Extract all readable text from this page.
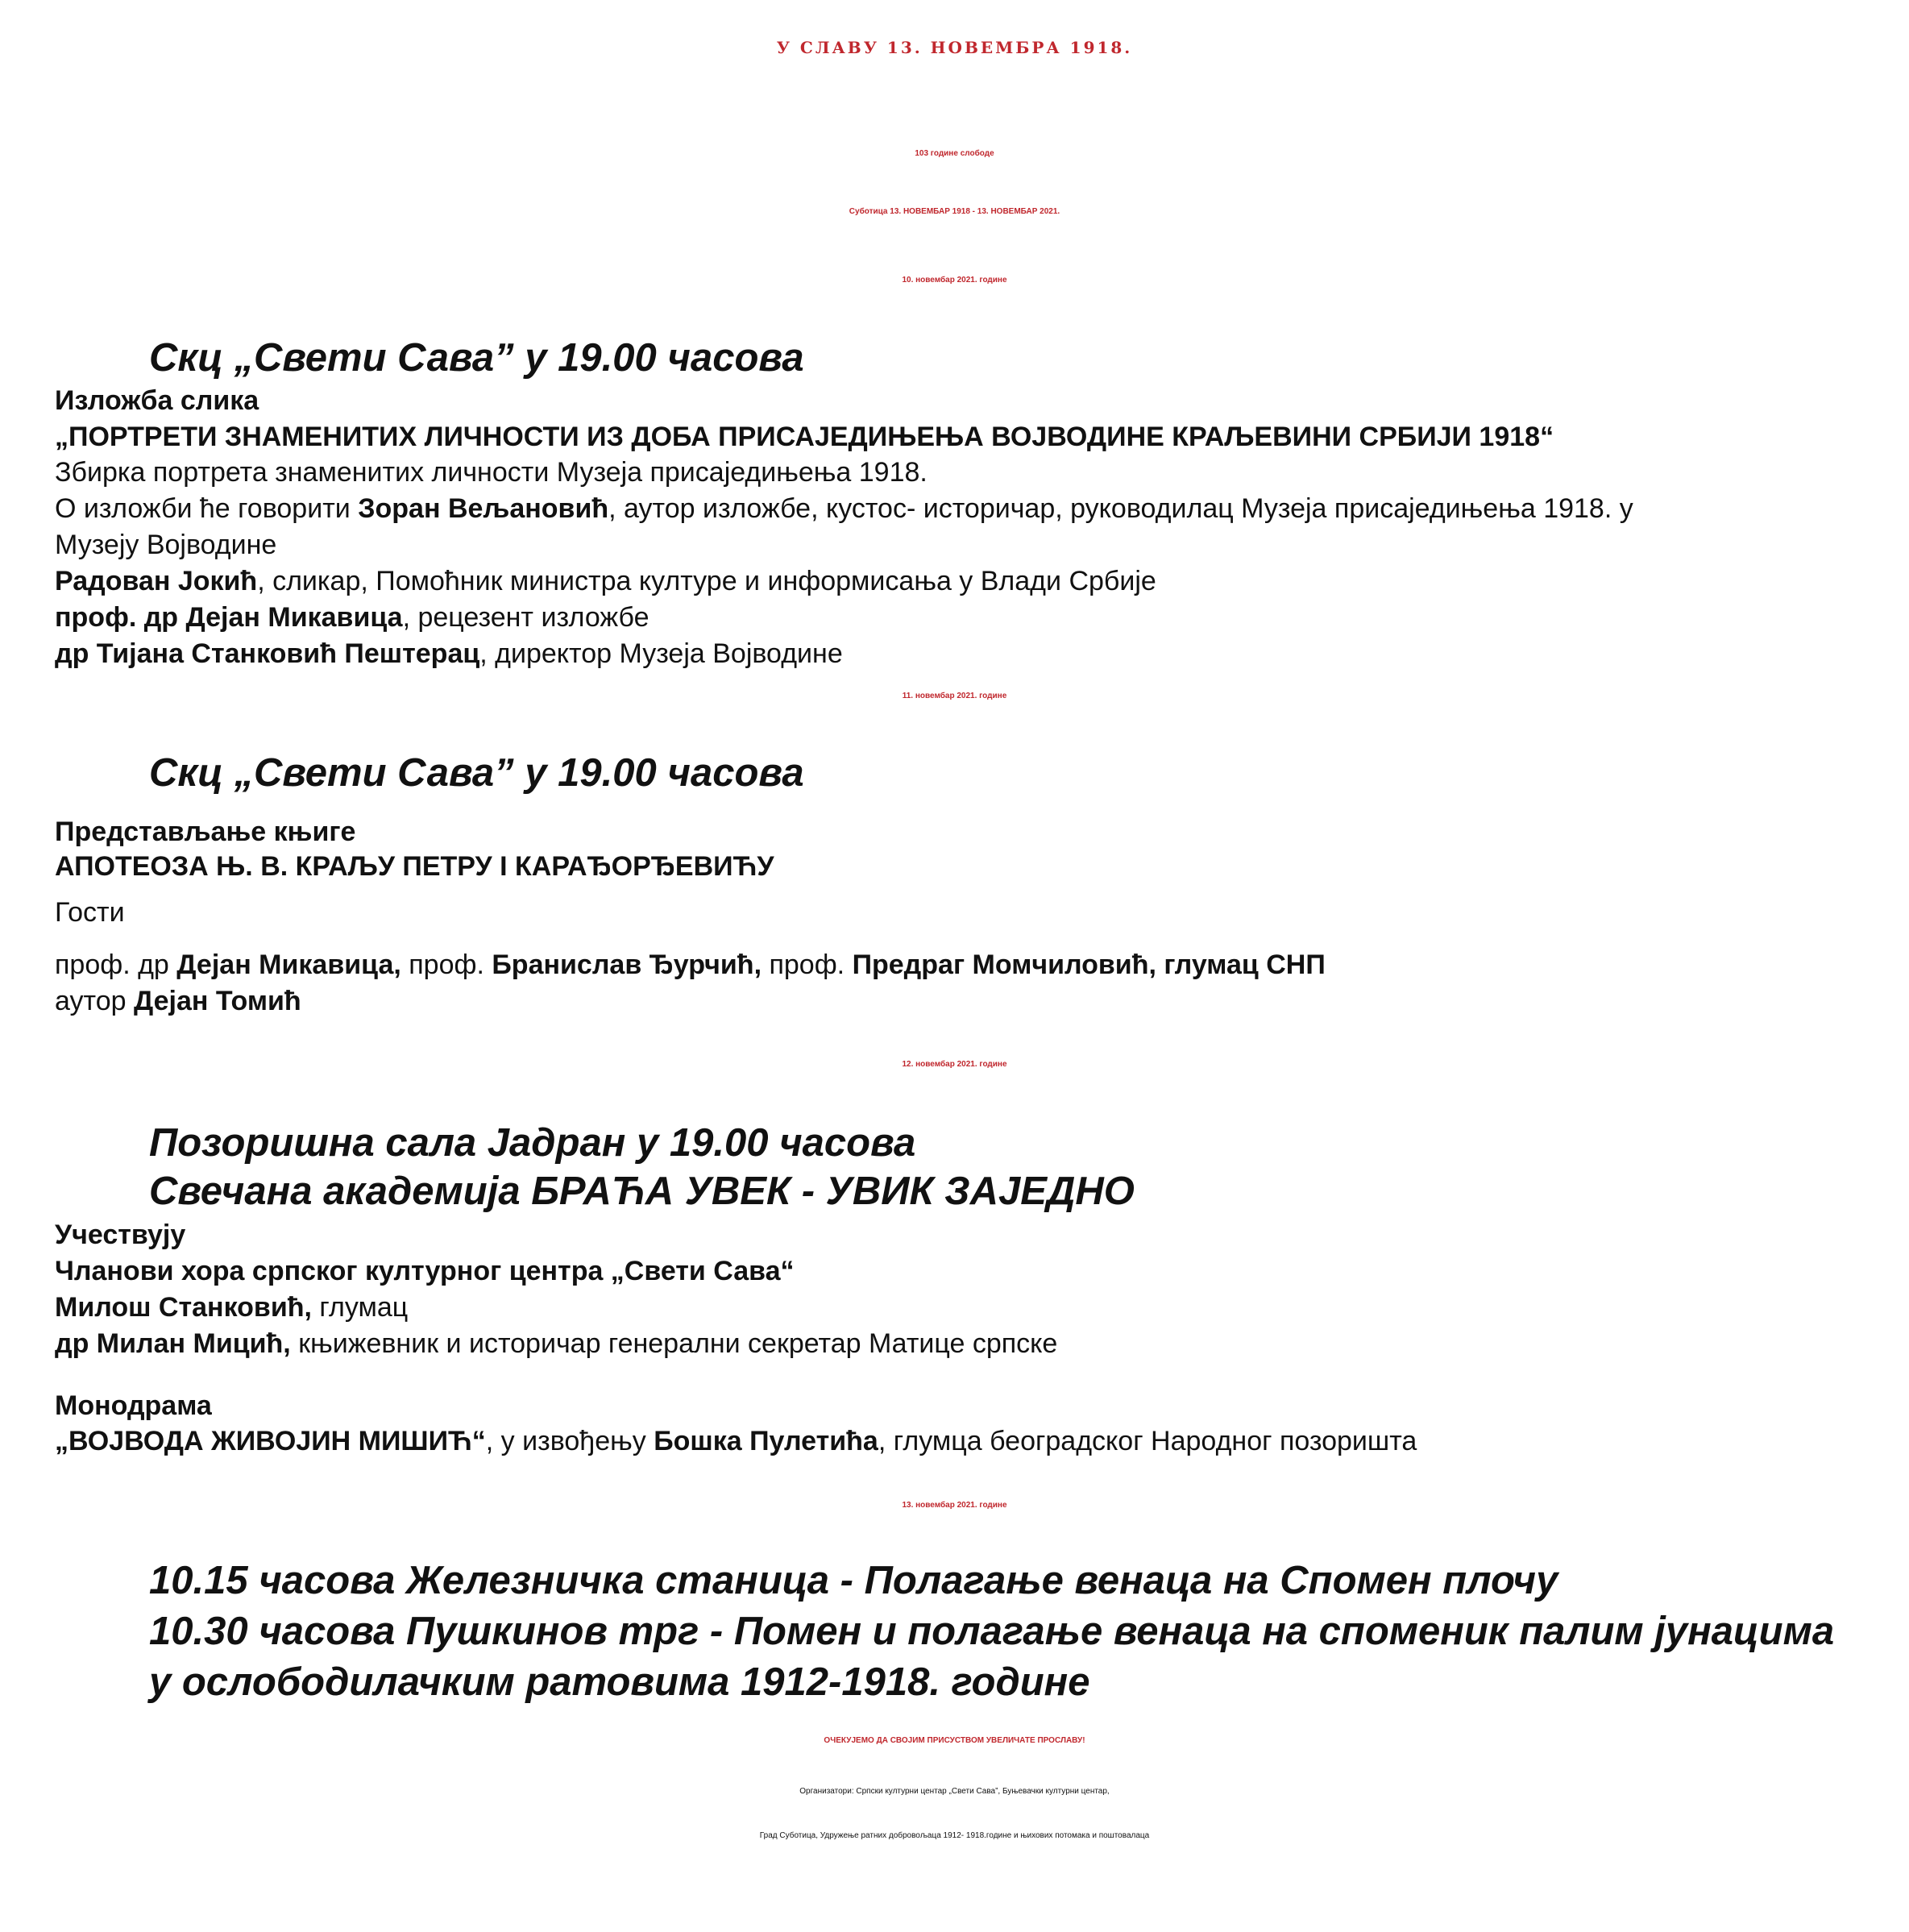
У СЛАВУ 13. НОВЕМБРА 1918.
103 године слободе
Суботица 13. НОВЕМБАР 1918 - 13. НОВЕМБАР 2021.
10. новембар 2021. године
Скц „Свети Сава” у 19.00 часова
Изложба слика
„ПОРТРЕТИ ЗНАМЕНИТИХ ЛИЧНОСТИ ИЗ ДОБА ПРИСАЈЕДИЊЕЊА ВОЈВОДИНЕ КРАЉЕВИНИ СРБИЈИ 1918“
Збирка портрета знаменитих личности Музеја присаједињења 1918.
О изложби ће говорити Зоран Вељановић, аутор изложбе, кустос- историчар, руководилац Музеја присаједињења 1918. у
Музеју Војводине
Радован Јокић, сликар, Помоћник министра културе и информисања у Влади Србије
проф. др Дејан Микавица, рецезент изложбе
др Тијана Станковић Пештерац, директор Музеја Војводине
11. новембар 2021. године
Скц „Свети Сава” у 19.00 часова
Представљање књиге
АПОТЕОЗА Њ. В. КРАЉУ ПЕТРУ I КАРАЂОРЂЕВИЋУ
Гости
проф. др Дејан Микавица, проф. Бранислав Ђурчић, проф. Предраг Момчиловић, глумац СНП
аутор Дејан Томић
12. новембар 2021. године
Позоришна сала Јадран у 19.00 часова
Свечана академија БРАЋА УВЕК - УВИК ЗАЈЕДНО
Учествују
Чланови хора српског културног центра „Свети Сава“
Милош Станковић, глумац
др Милан Мицић, књижевник и историчар генерални секретар Матице српске
Монодрама
„ВОЈВОДА ЖИВОЈИН МИШИЋ“, у извођењу Бошка Пулетића, глумца београдског Народног позоришта
13. новембар 2021. године
10.15 часова Железничка станица - Полагање венаца на Спомен плочу
10.30 часова Пушкинов трг - Помен и полагање венаца на споменик палим јунацима
у ослободилачким ратовима 1912-1918. године
ОЧЕКУЈЕМО ДА СВОЈИМ ПРИСУСТВОМ УВЕЛИЧАТЕ ПРОСЛАВУ!
Организатори: Српски културни центар „Свети Сава”, Буњевачки културни центар,
Град Суботица, Удружење ратних добровољаца 1912- 1918.године и њихових потомака и поштовалаца
